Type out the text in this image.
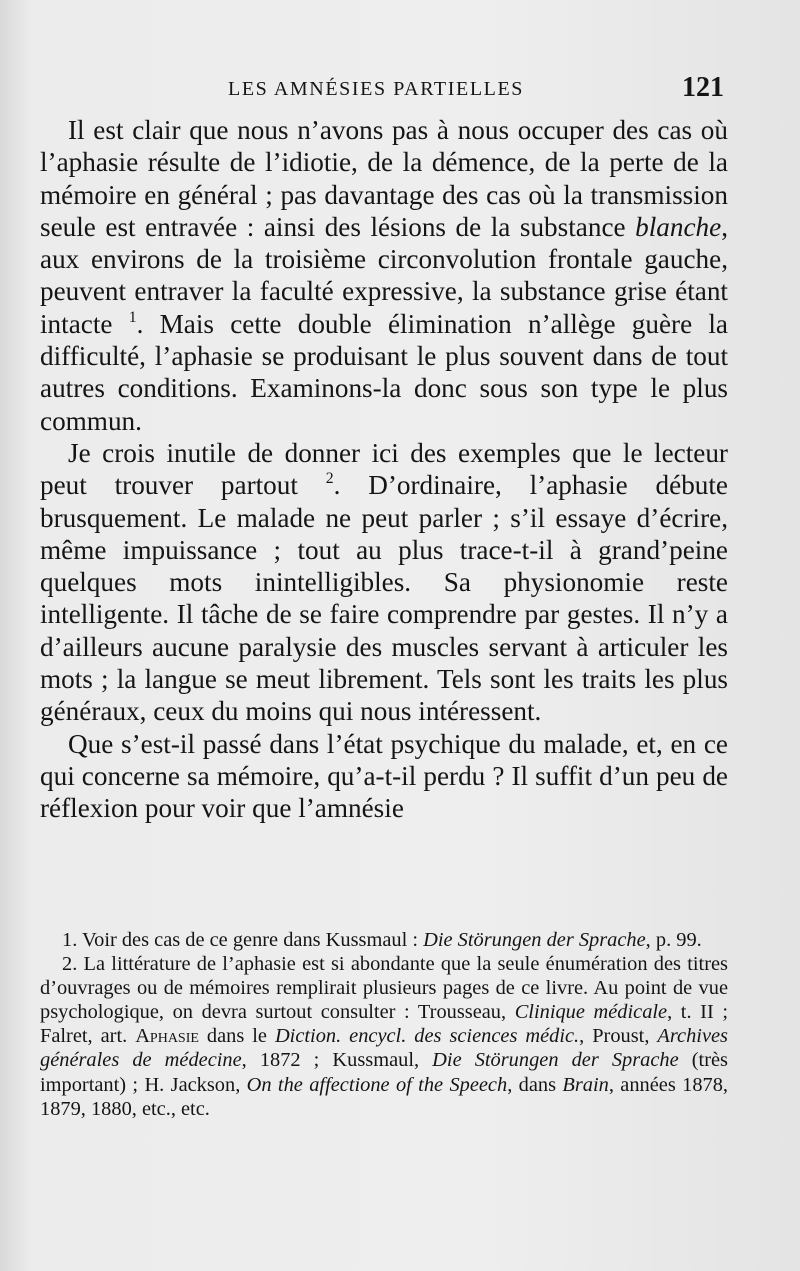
LES AMNÉSIES PARTIELLES	121

Il est clair que nous n’avons pas à nous occuper des cas où l’aphasie résulte de l’idiotie, de la démence, de la perte de la mémoire en général ; pas davantage des cas où la transmission seule est entravée : ainsi des lésions de la substance blanche, aux environs de la troisième circonvolution frontale gauche, peuvent entraver la faculté expressive, la substance grise étant intacte $^1$. Mais cette double élimination n’allège guère la difficulté, l’aphasie se produisant le plus souvent dans de tout autres conditions. Examinons-la donc sous son type le plus commun.

Je crois inutile de donner ici des exemples que le lecteur peut trouver partout $^2$. D’ordinaire, l’aphasie débute brusquement. Le malade ne peut parler ; s’il essaye d’écrire, même impuissance ; tout au plus trace-t-il à grand’peine quelques mots inintelligibles. Sa physionomie reste intelligente. Il tâche de se faire comprendre par gestes. Il n’y a d’ailleurs aucune paralysie des muscles servant à articuler les mots ; la langue se meut librement. Tels sont les traits les plus généraux, ceux du moins qui nous intéressent.

Que s’est-il passé dans l’état psychique du malade, et, en ce qui concerne sa mémoire, qu’a-t-il perdu ? Il suffit d’un peu de réflexion pour voir que l’amnésie

1. Voir des cas de ce genre dans Kussmaul : Die Störungen der Sprache, p. 99.

2. La littérature de l’aphasie est si abondante que la seule énumération des titres d’ouvrages ou de mémoires remplirait plusieurs pages de ce livre. Au point de vue psychologique, on devra surtout consulter : Trousseau, Clinique médicale, t. II ; Falret, art. Aphasie dans le Diction. encycl. des sciences médic., Proust, Archives générales de médecine, 1872 ; Kussmaul, Die Störungen der Sprache (très important) ; H. Jackson, On the affectione of the Speech, dans Brain, années 1878, 1879, 1880, etc., etc.
